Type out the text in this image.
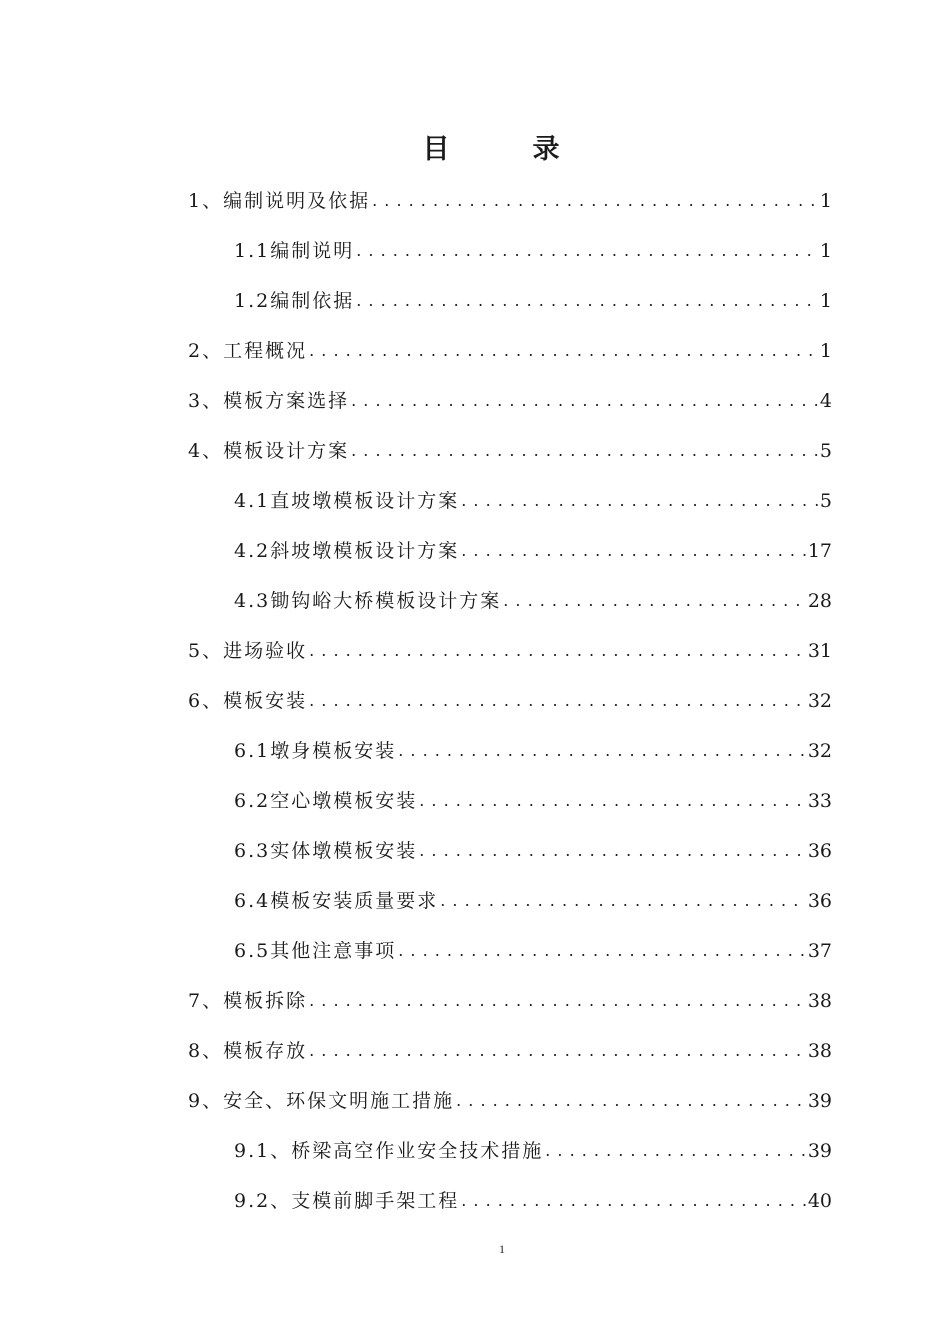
目　录
1、编制说明及依据 . . .	1
1.1编制说明 . . .	1
1.2编制依据 . . .	1
2、工程概况 . . .	1
3、模板方案选择 . . .	4
4、模板设计方案 . . .	5
4.1直坡墩模板设计方案 . . .	5
4.2斜坡墩模板设计方案 . . .	17
4.3锄钩峪大桥模板设计方案 . . .	28
5、进场验收 . . .	31
6、模板安装 . . .	32
6.1墩身模板安装 . . .	32
6.2空心墩模板安装 . . .	33
6.3实体墩模板安装 . . .	36
6.4模板安装质量要求 . . .	36
6.5其他注意事项 . . .	37
7、模板拆除 . . .	38
8、模板存放 . . .	38
9、安全、环保文明施工措施 . . .	39
9.1、桥梁高空作业安全技术措施 . . .	39
9.2、支模前脚手架工程 . . .	40
1
